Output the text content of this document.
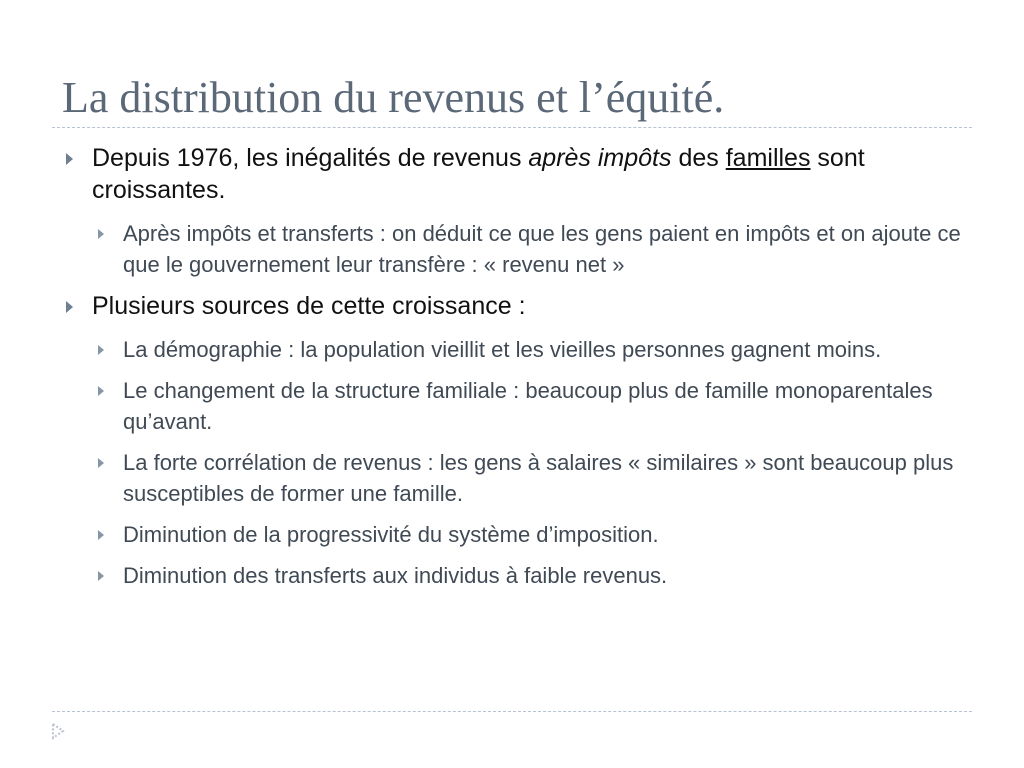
La distribution du revenus et l’équité.
Depuis 1976, les inégalités de revenus après impôts des familles sont croissantes.
Après impôts et transferts : on déduit ce que les gens paient en impôts et on ajoute ce que le gouvernement leur transfère : « revenu net »
Plusieurs sources de cette croissance :
La démographie : la population vieillit et les vieilles personnes gagnent moins.
Le changement de la structure familiale : beaucoup plus de famille monoparentales qu’avant.
La forte corrélation de revenus : les gens à salaires « similaires » sont beaucoup plus susceptibles de former une famille.
Diminution de la progressivité du système d’imposition.
Diminution des transferts aux individus à faible revenus.
